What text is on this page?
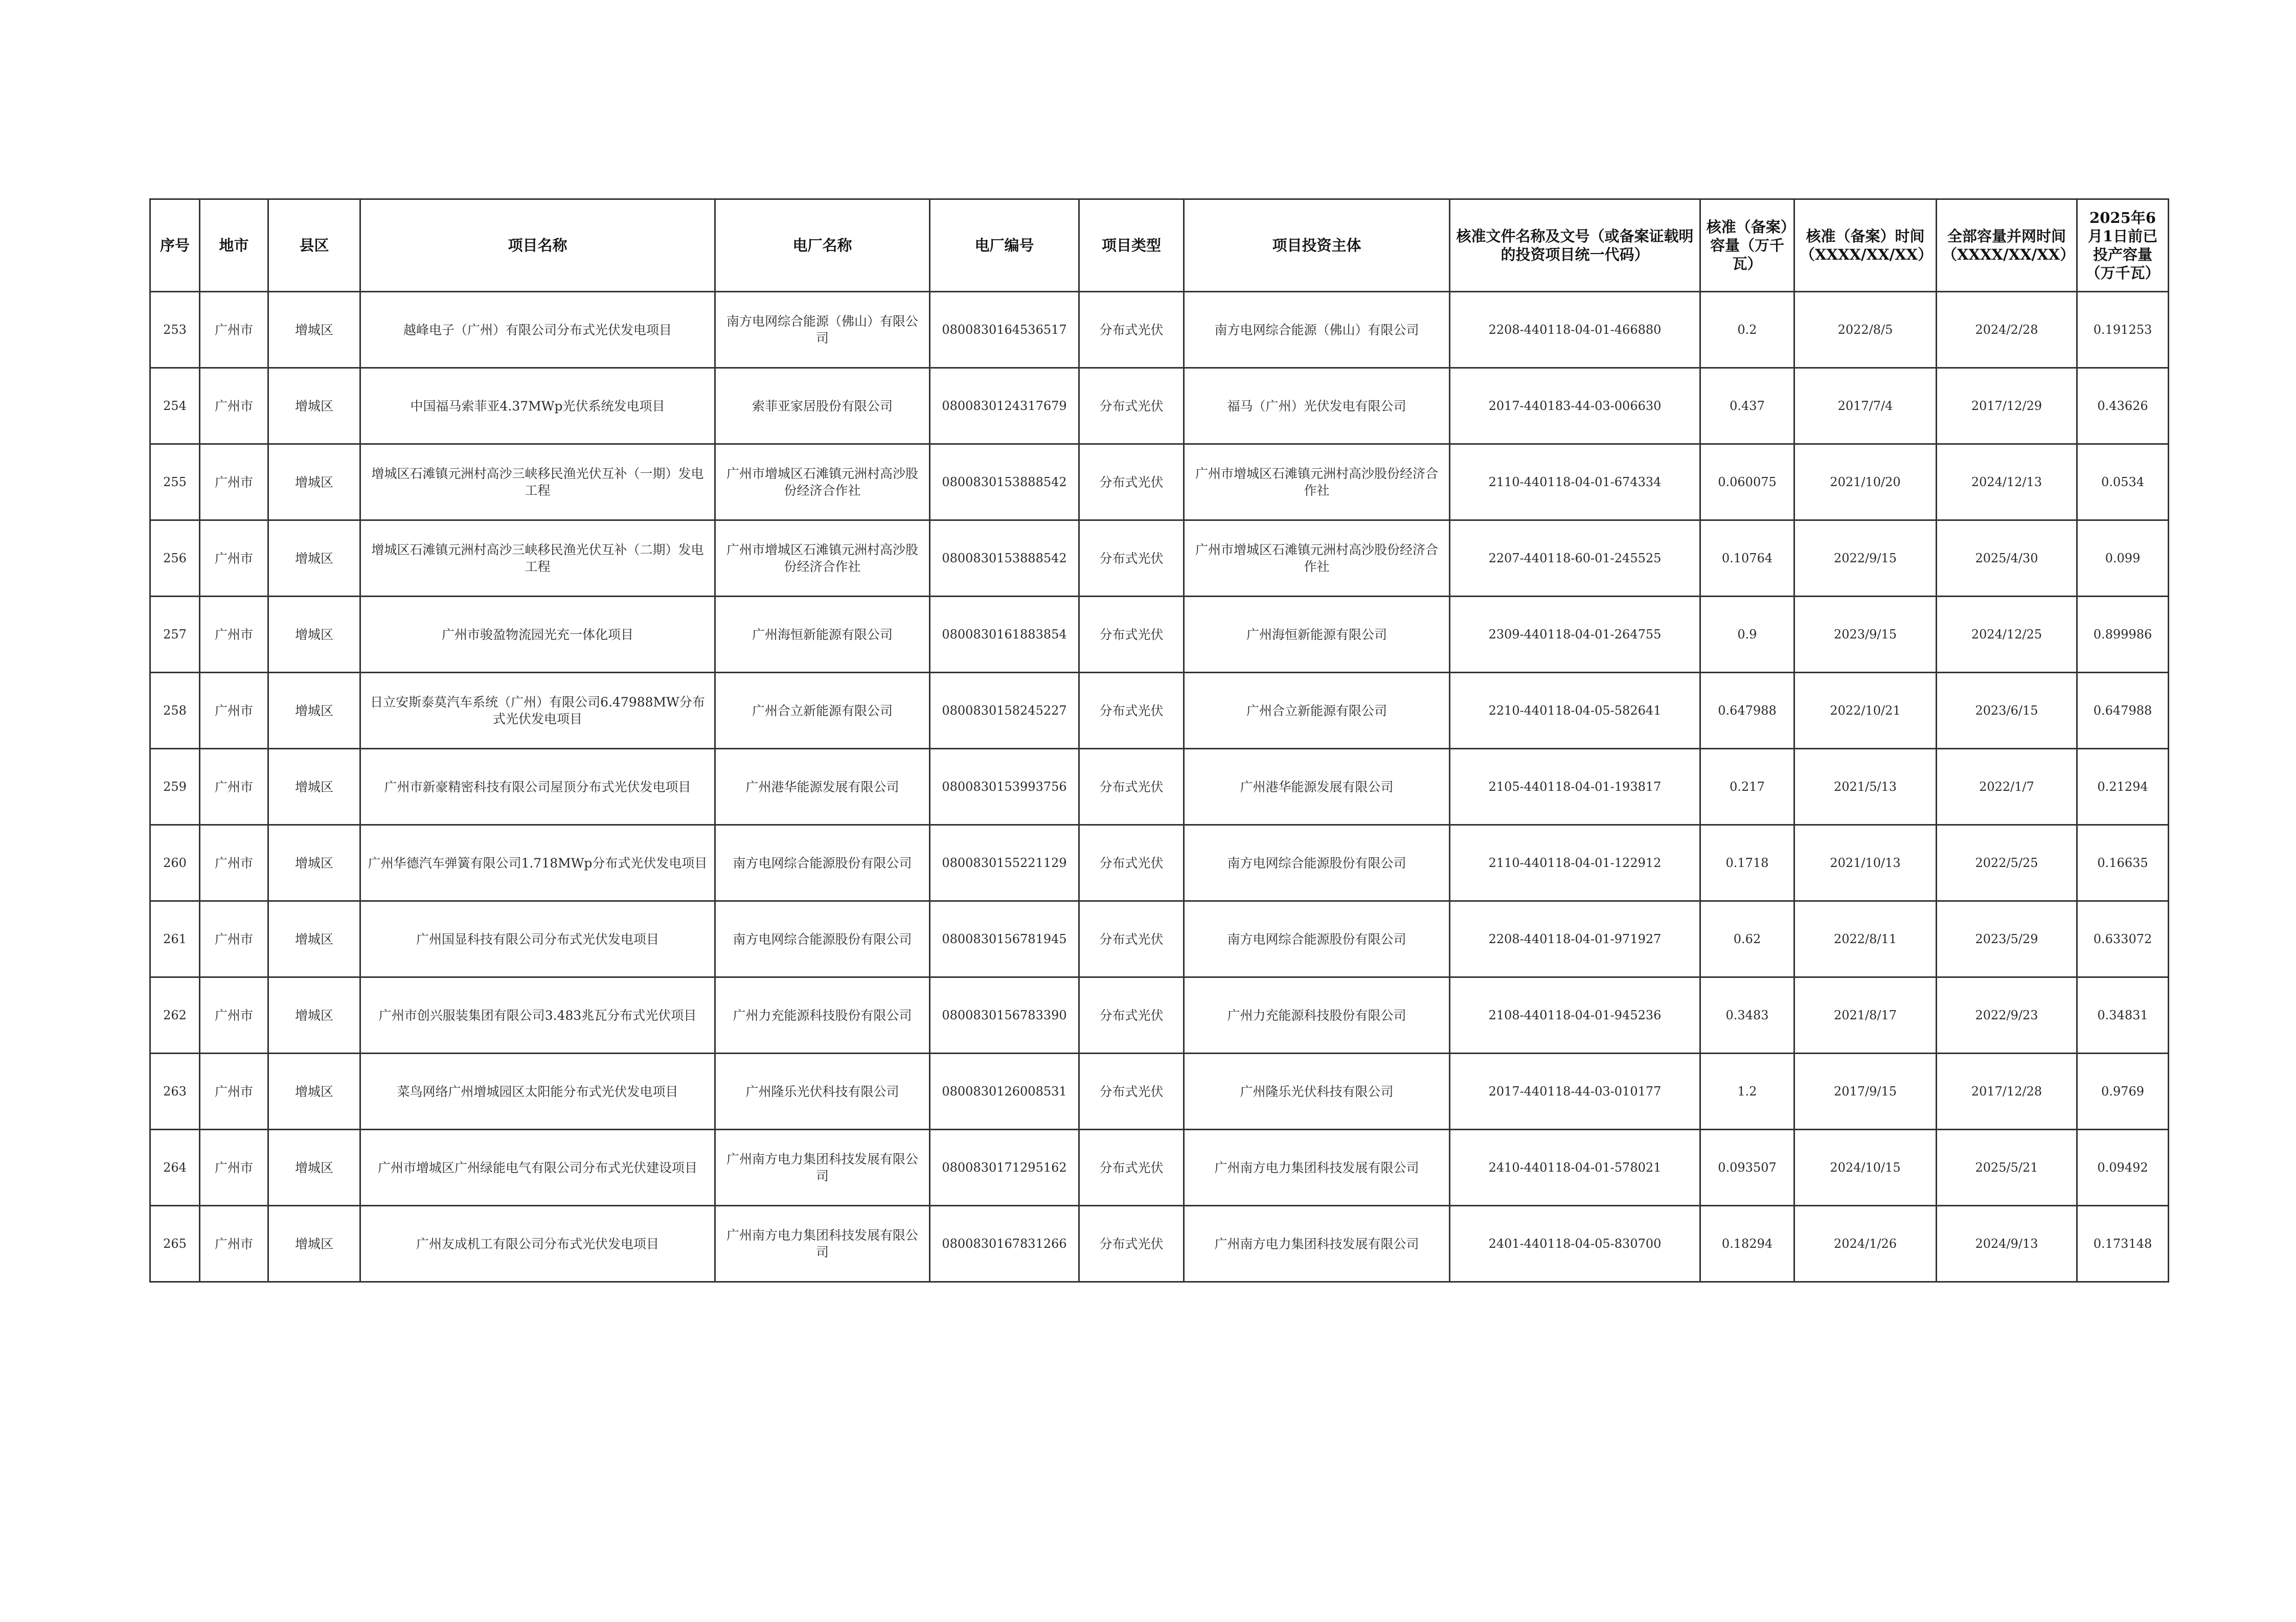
序号	地市	县区	项目名称	电厂名称	电厂编号	项目类型	项目投资主体	核准文件名称及文号（或备案证载明的投资项目统一代码）	核准（备案）容量（万千瓦）	核准（备案）时间（XXXX/XX/XX）	全部容量并网时间（XXXX/XX/XX）	2025年6月1日前已投产容量（万千瓦）
253	广州市	增城区	越峰电子（广州）有限公司分布式光伏发电项目	南方电网综合能源（佛山）有限公司	0800830164536517	分布式光伏	南方电网综合能源（佛山）有限公司	2208-440118-04-01-466880	0.2	2022/8/5	2024/2/28	0.191253
254	广州市	增城区	中国福马索菲亚4.37MWp光伏系统发电项目	索菲亚家居股份有限公司	0800830124317679	分布式光伏	福马（广州）光伏发电有限公司	2017-440183-44-03-006630	0.437	2017/7/4	2017/12/29	0.43626
255	广州市	增城区	增城区石滩镇元洲村高沙三峡移民渔光伏互补（一期）发电工程	广州市增城区石滩镇元洲村高沙股份经济合作社	0800830153888542	分布式光伏	广州市增城区石滩镇元洲村高沙股份经济合作社	2110-440118-04-01-674334	0.060075	2021/10/20	2024/12/13	0.0534
256	广州市	增城区	增城区石滩镇元洲村高沙三峡移民渔光伏互补（二期）发电工程	广州市增城区石滩镇元洲村高沙股份经济合作社	0800830153888542	分布式光伏	广州市增城区石滩镇元洲村高沙股份经济合作社	2207-440118-60-01-245525	0.10764	2022/9/15	2025/4/30	0.099
257	广州市	增城区	广州市骏盈物流园光充一体化项目	广州海恒新能源有限公司	0800830161883854	分布式光伏	广州海恒新能源有限公司	2309-440118-04-01-264755	0.9	2023/9/15	2024/12/25	0.899986
258	广州市	增城区	日立安斯泰莫汽车系统（广州）有限公司6.47988MW分布式光伏发电项目	广州合立新能源有限公司	0800830158245227	分布式光伏	广州合立新能源有限公司	2210-440118-04-05-582641	0.647988	2022/10/21	2023/6/15	0.647988
259	广州市	增城区	广州市新豪精密科技有限公司屋顶分布式光伏发电项目	广州港华能源发展有限公司	0800830153993756	分布式光伏	广州港华能源发展有限公司	2105-440118-04-01-193817	0.217	2021/5/13	2022/1/7	0.21294
260	广州市	增城区	广州华德汽车弹簧有限公司1.718MWp分布式光伏发电项目	南方电网综合能源股份有限公司	0800830155221129	分布式光伏	南方电网综合能源股份有限公司	2110-440118-04-01-122912	0.1718	2021/10/13	2022/5/25	0.16635
261	广州市	增城区	广州国显科技有限公司分布式光伏发电项目	南方电网综合能源股份有限公司	0800830156781945	分布式光伏	南方电网综合能源股份有限公司	2208-440118-04-01-971927	0.62	2022/8/11	2023/5/29	0.633072
262	广州市	增城区	广州市创兴服装集团有限公司3.483兆瓦分布式光伏项目	广州力充能源科技股份有限公司	0800830156783390	分布式光伏	广州力充能源科技股份有限公司	2108-440118-04-01-945236	0.3483	2021/8/17	2022/9/23	0.34831
263	广州市	增城区	菜鸟网络广州增城园区太阳能分布式光伏发电项目	广州隆乐光伏科技有限公司	0800830126008531	分布式光伏	广州隆乐光伏科技有限公司	2017-440118-44-03-010177	1.2	2017/9/15	2017/12/28	0.9769
264	广州市	增城区	广州市增城区广州绿能电气有限公司分布式光伏建设项目	广州南方电力集团科技发展有限公司	0800830171295162	分布式光伏	广州南方电力集团科技发展有限公司	2410-440118-04-01-578021	0.093507	2024/10/15	2025/5/21	0.09492
265	广州市	增城区	广州友成机工有限公司分布式光伏发电项目	广州南方电力集团科技发展有限公司	0800830167831266	分布式光伏	广州南方电力集团科技发展有限公司	2401-440118-04-05-830700	0.18294	2024/1/26	2024/9/13	0.173148
